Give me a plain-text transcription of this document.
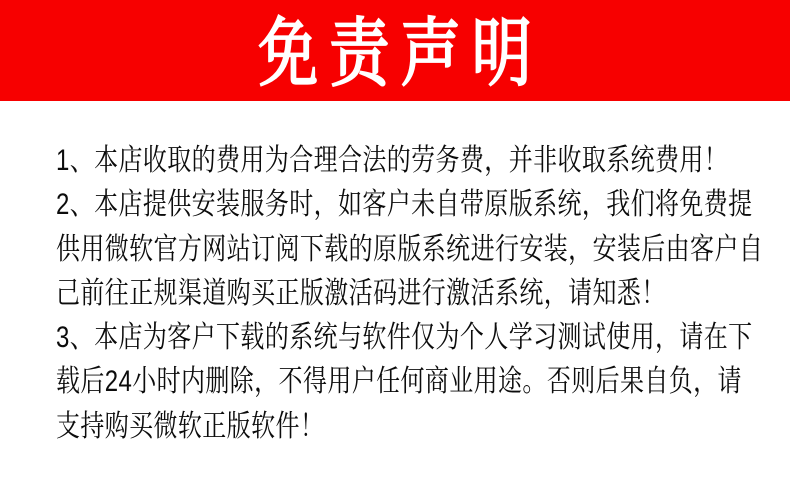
免责声明
1、本店收取的费用为合理合法的劳务费，并非收取系统费用！
2、本店提供安装服务时，如客户未自带原版系统，我们将免费提
供用微软官方网站订阅下载的原版系统进行安装，安装后由客户自
己前往正规渠道购买正版激活码进行激活系统，请知悉！
3、本店为客户下载的系统与软件仅为个人学习测试使用，请在下
载后24小时内删除，不得用户任何商业用途。否则后果自负，请
支持购买微软正版软件！
